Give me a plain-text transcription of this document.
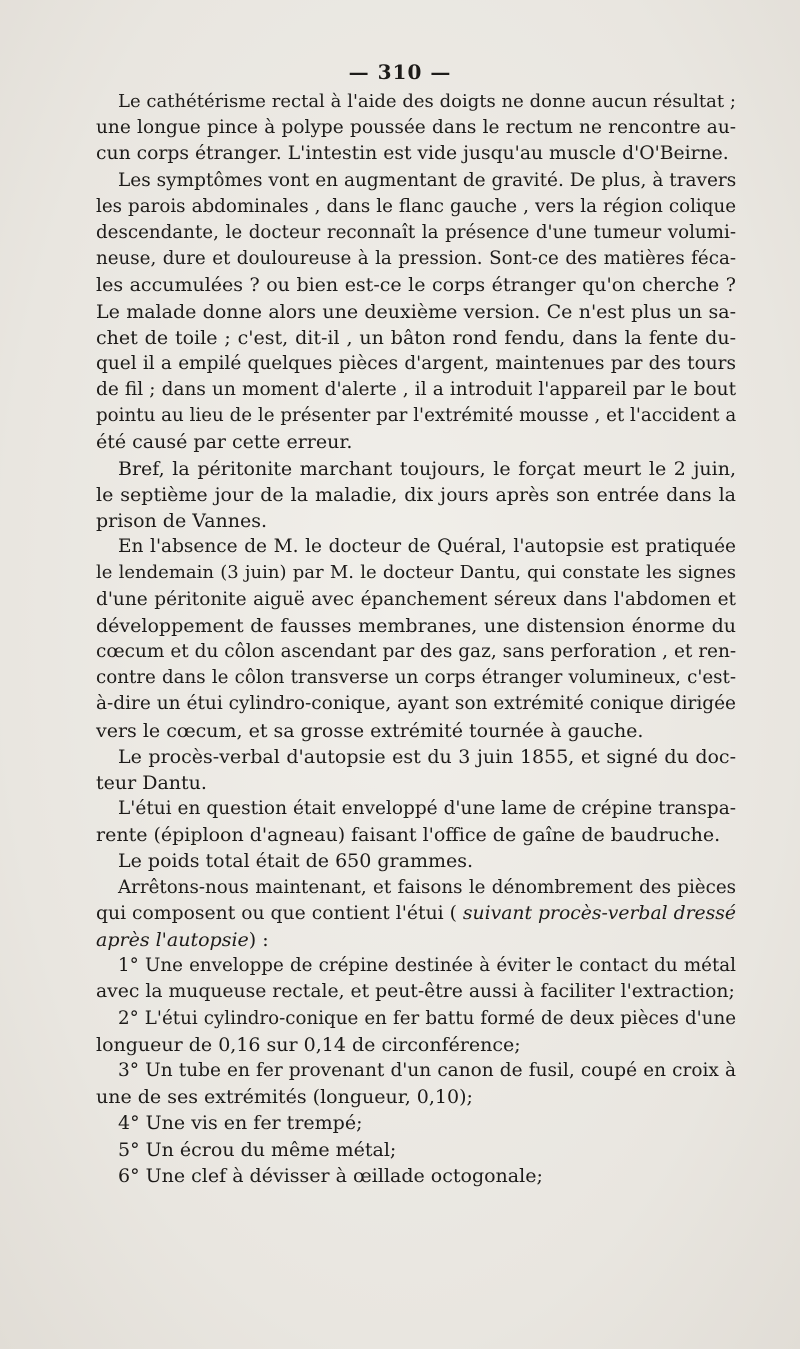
— 310 —
Le cathétérisme rectal à l'aide des doigts ne donne aucun résultat ;
une longue pince à polype poussée dans le rectum ne rencontre au-
cun corps étranger. L'intestin est vide jusqu'au muscle d'O'Beirne.
Les symptômes vont en augmentant de gravité. De plus, à travers
les parois abdominales , dans le flanc gauche , vers la région colique
descendante, le docteur reconnaît la présence d'une tumeur volumi-
neuse, dure et douloureuse à la pression. Sont-ce des matières féca-
les accumulées ? ou bien est-ce le corps étranger qu'on cherche ?
Le malade donne alors une deuxième version. Ce n'est plus un sa-
chet de toile ; c'est, dit-il , un bâton rond fendu, dans la fente du-
quel il a empilé quelques pièces d'argent, maintenues par des tours
de fil ; dans un moment d'alerte , il a introduit l'appareil par le bout
pointu au lieu de le présenter par l'extrémité mousse , et l'accident a
été causé par cette erreur.
Bref, la péritonite marchant toujours, le forçat meurt le 2 juin,
le septième jour de la maladie, dix jours après son entrée dans la
prison de Vannes.
En l'absence de M. le docteur de Quéral, l'autopsie est pratiquée
le lendemain (3 juin) par M. le docteur Dantu, qui constate les signes
d'une péritonite aiguë avec épanchement séreux dans l'abdomen et
développement de fausses membranes, une distension énorme du
cœcum et du côlon ascendant par des gaz, sans perforation , et ren-
contre dans le côlon transverse un corps étranger volumineux, c'est-
à-dire un étui cylindro-conique, ayant son extrémité conique dirigée
vers le cœcum, et sa grosse extrémité tournée à gauche.
Le procès-verbal d'autopsie est du 3 juin 1855, et signé du doc-
teur Dantu.
L'étui en question était enveloppé d'une lame de crépine transpa-
rente (épiploon d'agneau) faisant l'office de gaîne de baudruche.
Le poids total était de 650 grammes.
Arrêtons-nous maintenant, et faisons le dénombrement des pièces
qui composent ou que contient l'étui ( suivant procès-verbal dressé
après l'autopsie) :
1° Une enveloppe de crépine destinée à éviter le contact du métal
avec la muqueuse rectale, et peut-être aussi à faciliter l'extraction;
2° L'étui cylindro-conique en fer battu formé de deux pièces d'une
longueur de 0,16 sur 0,14 de circonférence;
3° Un tube en fer provenant d'un canon de fusil, coupé en croix à
une de ses extrémités (longueur, 0,10);
4° Une vis en fer trempé;
5° Un écrou du même métal;
6° Une clef à dévisser à œillade octogonale;
